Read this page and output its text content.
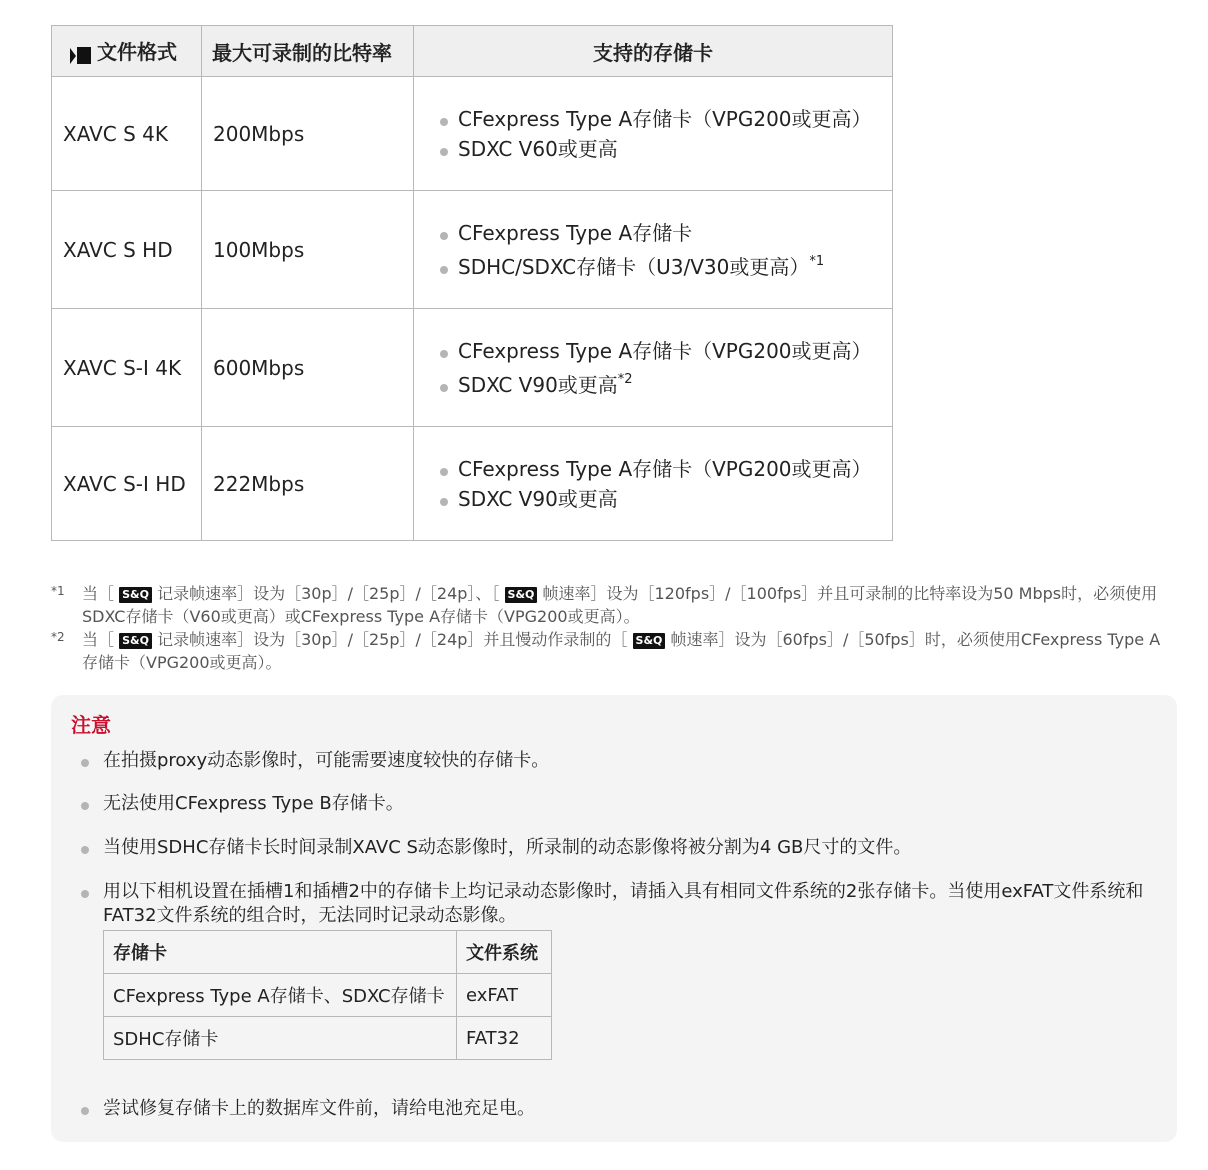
文件格式	最大可录制的比特率	支持的存储卡
XAVC S 4K	200Mbps	CFexpress Type A存储卡（VPG200或更高）
SDXC V60或更高

XAVC S HD	100Mbps	CFexpress Type A存储卡
SDHC/SDXC存储卡（U3/V30或更高）$^{*1}$

XAVC S-I 4K	600Mbps	CFexpress Type A存储卡（VPG200或更高）
SDXC V90或更高$^{*2}$

XAVC S-I HD	222Mbps	CFexpress Type A存储卡（VPG200或更高）
SDXC V90或更高
*1 当［ S&Q 记录帧速率］设为［30p］/［25p］/［24p］、［ S&Q 帧速率］设为［120fps］/［100fps］并且可录制的比特率设为50 Mbps时，必须使用SDXC存储卡（V60或更高）或CFexpress Type A存储卡（VPG200或更高）。
*2 当［ S&Q 记录帧速率］设为［30p］/［25p］/［24p］并且慢动作录制的［ S&Q 帧速率］设为［60fps］/［50fps］时，必须使用CFexpress Type A存储卡（VPG200或更高）。
注意
在拍摄proxy动态影像时，可能需要速度较快的存储卡。
无法使用CFexpress Type B存储卡。
当使用SDHC存储卡长时间录制XAVC S动态影像时，所录制的动态影像将被分割为4 GB尺寸的文件。
用以下相机设置在插槽1和插槽2中的存储卡上均记录动态影像时，请插入具有相同文件系统的2张存储卡。当使用exFAT文件系统和FAT32文件系统的组合时，无法同时记录动态影像。
尝试修复存储卡上的数据库文件前，请给电池充足电。
存储卡	文件系统
CFexpress Type A存储卡、SDXC存储卡	exFAT
SDHC存储卡	FAT32
